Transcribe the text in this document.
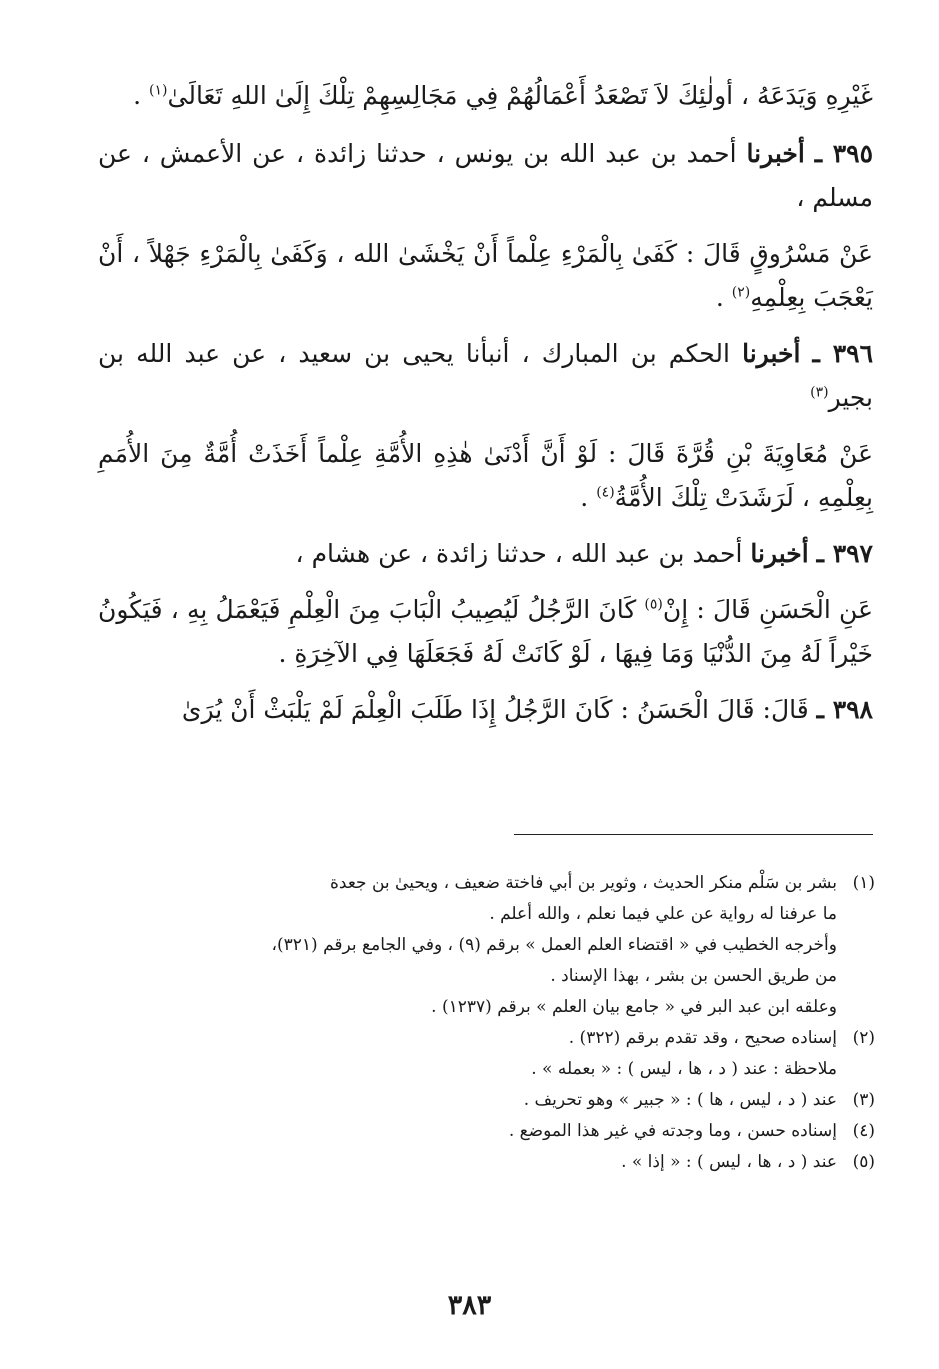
غَيْرِهِ وَيَدَعَهُ ، أولٰئِكَ لاَ تَصْعَدُ أَعْمَالُهُمْ فِي مَجَالِسِهِمْ تِلْكَ إِلَىٰ اللهِ تَعَالَىٰ$^{(١)}$ .

٣٩٥ ـ أخبرنا أحمد بن عبد الله بن يونس ، حدثنا زائدة ، عن الأعمش ، عن مسلم ،

عَنْ مَسْرُوقٍ قَالَ : كَفَىٰ بِالْمَرْءِ عِلْماً أَنْ يَخْشَىٰ الله ، وَكَفَىٰ بِالْمَرْءِ جَهْلاً ، أَنْ يَعْجَبَ بِعِلْمِهِ$^{(٢)}$ .

٣٩٦ ـ أخبرنا الحكم بن المبارك ، أنبأنا يحيى بن سعيد ، عن عبد الله بن بجير$^{(٣)}$

عَنْ مُعَاوِيَةَ بْنِ قُرَّةَ قَالَ : لَوْ أَنَّ أَدْنَىٰ هٰذِهِ الأُمَّةِ عِلْماً أَخَذَتْ أُمَّةٌ مِنَ الأُمَمِ بِعِلْمِهِ ، لَرَشَدَتْ تِلْكَ الأُمَّةُ$^{(٤)}$ .

٣٩٧ ـ أخبرنا أحمد بن عبد الله ، حدثنا زائدة ، عن هشام ،

عَنِ الْحَسَنِ قَالَ : إِنْ$^{(٥)}$ كَانَ الرَّجُلُ لَيُصِيبُ الْبَابَ مِنَ الْعِلْمِ فَيَعْمَلُ بِهِ ، فَيَكُونُ خَيْراً لَهُ مِنَ الدُّنْيَا وَمَا فِيهَا ، لَوْ كَانَتْ لَهُ فَجَعَلَهَا فِي الآخِرَةِ .

٣٩٨ ـ قَالَ: قَالَ الْحَسَنُ : كَانَ الرَّجُلُ إِذَا طَلَبَ الْعِلْمَ لَمْ يَلْبَثْ أَنْ يُرَىٰ

(١)
بشر بن سَلْم منكر الحديث ، وثوير بن أبي فاختة ضعيف ، ويحيىٰ بن جعدة
ما عرفنا له رواية عن علي فيما نعلم ، والله أعلم .
وأخرجه الخطيب في « اقتضاء العلم العمل » برقم (٩) ، وفي الجامع برقم (٣٢١)،
من طريق الحسن بن بشر ، بهذا الإسناد .
وعلقه ابن عبد البر في « جامع بيان العلم » برقم (١٢٣٧) .
(٢)
إسناده صحيح ، وقد تقدم برقم (٣٢٢) .
ملاحظة : عند ( د ، ها ، ليس ) : « بعمله » .
(٣)
عند ( د ، ليس ، ها ) : « جبير » وهو تحريف .
(٤)
إسناده حسن ، وما وجدته في غير هذا الموضع .
(٥)
عند ( د ، ها ، ليس ) : « إذا » .
٣٨٣
